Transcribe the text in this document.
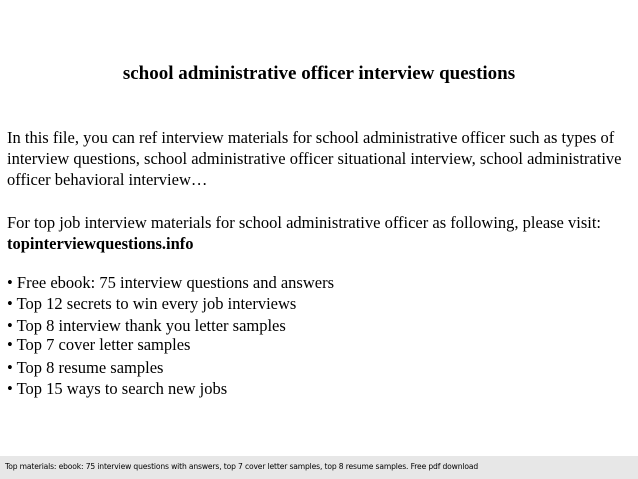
school administrative officer interview questions

In this file, you can ref interview materials for school administrative officer such as types of interview questions, school administrative officer situational interview, school administrative officer behavioral interview…

For top job interview materials for school administrative officer as following, please visit: topinterviewquestions.info

• Free ebook: 75 interview questions and answers
• Top 12 secrets to win every job interviews
• Top 8 interview thank you letter samples
• Top 7 cover letter samples
• Top 8 resume samples
• Top 15 ways to search new jobs
Top materials: ebook: 75 interview questions with answers, top 7 cover letter samples, top 8 resume samples. Free pdf download
